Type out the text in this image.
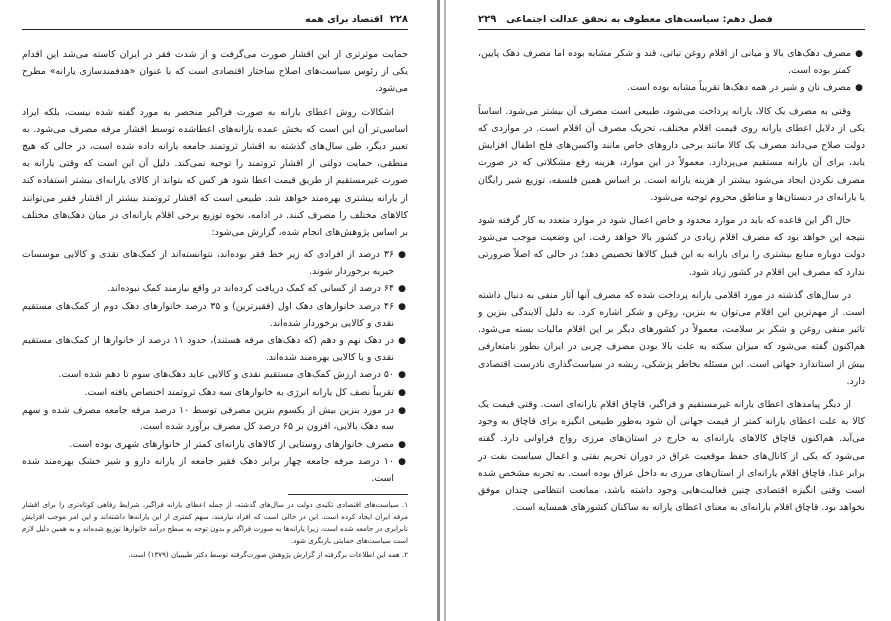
۲۲۸  اقتصاد برای همه

حمایت موثرتری از این اقشار صورت می‌گرفت و از شدت فقر در ایران کاسته می‌شد این اقدام یکی از رئوس سیاست‌های اصلاح ساختار اقتصادی است که با عنوان «هدفمندسازی یارانه» مطرح می‌شود.

اشکالات روش اعطای یارانه به صورت فراگیر منحصر به مورد گفته شده نیست، بلکه ایراد اساسی‌تر آن این است که بخش عمده یارانه‌های اعطاشده توسط اقشار مرفه مصرف می‌شود. به تعبیر دیگر، طی سال‌های گذشته به اقشار ثروتمند جامعه یارانه داده شده است، در حالی که هیچ منطقی، حمایت دولتی از اقشار ثروتمند را توجیه نمی‌کند. دلیل آن این است که وقتی یارانه به صورت غیرمستقیم از طریق قیمت اعطا شود هر کس که بتواند از کالای یارانه‌ای بیشتر استفاده کند از یارانه بیشتری بهره‌مند خواهد شد. طبیعی است که اقشار ثروتمند بیشتر از اقشار فقیر می‌توانند کالاهای مختلف را مصرف کنند. در ادامه، نحوه توزیع برخی اقلام یارانه‌ای در میان دهک‌های مختلف بر اساس پژوهش‌های انجام شده، گزارش می‌شود:

●
۳۶ درصد از افرادی که زیر خط فقر بوده‌اند، نتوانسته‌اند از کمک‌های نقدی و کالایی موسسات خیریه برخوردار شوند.
●
۶۴ درصد از کسانی که کمک دریافت کرده‌اند در واقع نیازمند کمک نبوده‌اند.
●
۴۶ درصد خانوارهای دهک اول (فقیرترین) و ۳۵ درصد خانوارهای دهک دوم از کمک‌های مستقیم نقدی و کالایی برخوردار شده‌اند.
●
در دهک نهم و دهم (که دهک‌های مرفه هستند)، حدود ۱۱ درصد از خانوارها از کمک‌های مستقیم نقدی و یا کالایی بهره‌مند شده‌اند.
●
۵۰ درصد ارزش کمک‌های مستقیم نقدی و کالایی عاید دهک‌های سوم تا دهم شده است.
●
تقریباً نصف کل یارانه انرژی به خانوارهای سه دهک ثروتمند اختصاص یافته است.
●
در مورد بنزین بیش از یکسوم بنزین مصرفی توسط ۱۰ درصد مرفه جامعه مصرف شده و سهم سه دهک بالایی، افزون بر ۶۵ درصد کل مصرف برآورد شده است.
●
مصرف خانوارهای روستایی از کالاهای یارانه‌ای کمتر از خانوارهای شهری بوده است.
●
۱۰ درصد مرفه جامعه چهار برابر دهک فقیر جامعه از یارانه دارو و شیر خشک بهره‌مند شده است.

۱. سیاست‌های اقتصادی تکیه‌ی دولت در سال‌های گذشته، از جمله اعطای یارانه فراگیر، شرایط رفاهی کوتاه‌تری را برای اقشار مرفه ایران ایجاد کرده است. این در حالی است که افراد نیازمند، سهم کمتری از این یارانه‌ها داشته‌اند و این امر موجب افزایش نابرابری در جامعه شده است، زیرا یارانه‌ها به صورت فراگیر و بدون توجه به سطح درآمد خانوارها توزیع شده‌اند و به همین دلیل لازم است سیاست‌های حمایتی بازنگری شود.

۲. همه این اطلاعات برگرفته از گزارش پژوهش صورت‌گرفته توسط دکتر طبیبیان (۱۳۷۹) است.

فصل دهم: سیاست‌های معطوف به تحقق عدالت اجتماعی   ۲۲۹
●
مصرف دهک‌های بالا و میانی از اقلام روغن نباتی، قند و شکر مشابه بوده اما مصرف دهک پایین، کمتر بوده است.
●
مصرف نان و شیر در همه دهک‌ها تقریباً مشابه بوده است.

وقتی به مصرف یک کالا، یارانه پرداخت می‌شود، طبیعی است مصرف آن بیشتر می‌شود. اساساً یکی از دلایل اعطای یارانه روی قیمت اقلام مختلف، تحریک مصرف آن اقلام است. در مواردی که دولت صلاح می‌داند مصرف یک کالا مانند برخی داروهای خاص مانند واکسن‌های فلج اطفال افزایش یابد، برای آن یارانه مستقیم می‌پردازد. معمولاً در این موارد، هزینه رفع مشکلاتی که در صورت مصرف نکردن ایجاد می‌شود بیشتر از هزینه یارانه است. بر اساس همین فلسفه، توزیع شیر رایگان یا یارانه‌ای در دبستان‌ها و مناطق محروم توجیه می‌شود.

حال اگر این قاعده که باید در موارد محدود و خاص اعمال شود در موارد متعدد به کار گرفته شود نتیجه این خواهد بود که مصرف اقلام زیادی در کشور بالا خواهد رفت. این وضعیت موجب می‌شود دولت دوباره منابع بیشتری را برای یارانه به این قبیل کالاها تخصیص دهد؛ در حالی که اصلاً ضرورتی ندارد که مصرف این اقلام در کشور زیاد شود.

در سال‌های گذشته در مورد اقلامی یارانه پرداخت شده که مصرف آنها آثار منفی به دنبال داشته است. از مهم‌ترین این اقلام می‌توان به بنزین، روغن و شکر اشاره کرد. به دلیل آلایندگی بنزین و تاثیر منفی روغن و شکر بر سلامت، معمولاً در کشورهای دیگر بر این اقلام مالیات بسته می‌شود. هم‌اکنون گفته می‌شود که میزان سکته به علت بالا بودن مصرف چربی در ایران بطور نامتعارفی بیش از استاندارد جهانی است. این مسئله بخاطر پزشکی، ریشه در سیاست‌گذاری نادرست اقتصادی دارد.

از دیگر پیامدهای اعطای یارانه غیرمستقیم و فراگیر، قاچاق اقلام یارانه‌ای است. وقتی قیمت یک کالا به علت اعطای یارانه کمتر از قیمت جهانی آن شود به‌طور طبیعی انگیزه برای قاچاق به وجود می‌آید. هم‌اکنون قاچاق کالاهای یارانه‌ای به خارج در استان‌های مرزی رواج فراوانی دارد. گفته می‌شود که یکی از کانال‌های حفظ موقعیت عراق در دوران تحریم نفتی و اعمال سیاست نفت در برابر غذا، قاچاق اقلام یارانه‌ای از استان‌های مرزی به داخل عراق بوده است. به تجربه مشخص شده است وقتی انگیزه اقتصادی چنین فعالیت‌هایی وجود داشته باشد، ممانعت انتظامی چندان موفق نخواهد بود. قاچاق اقلام یارانه‌ای به معنای اعطای یارانه به ساکنان کشورهای همسایه است.
